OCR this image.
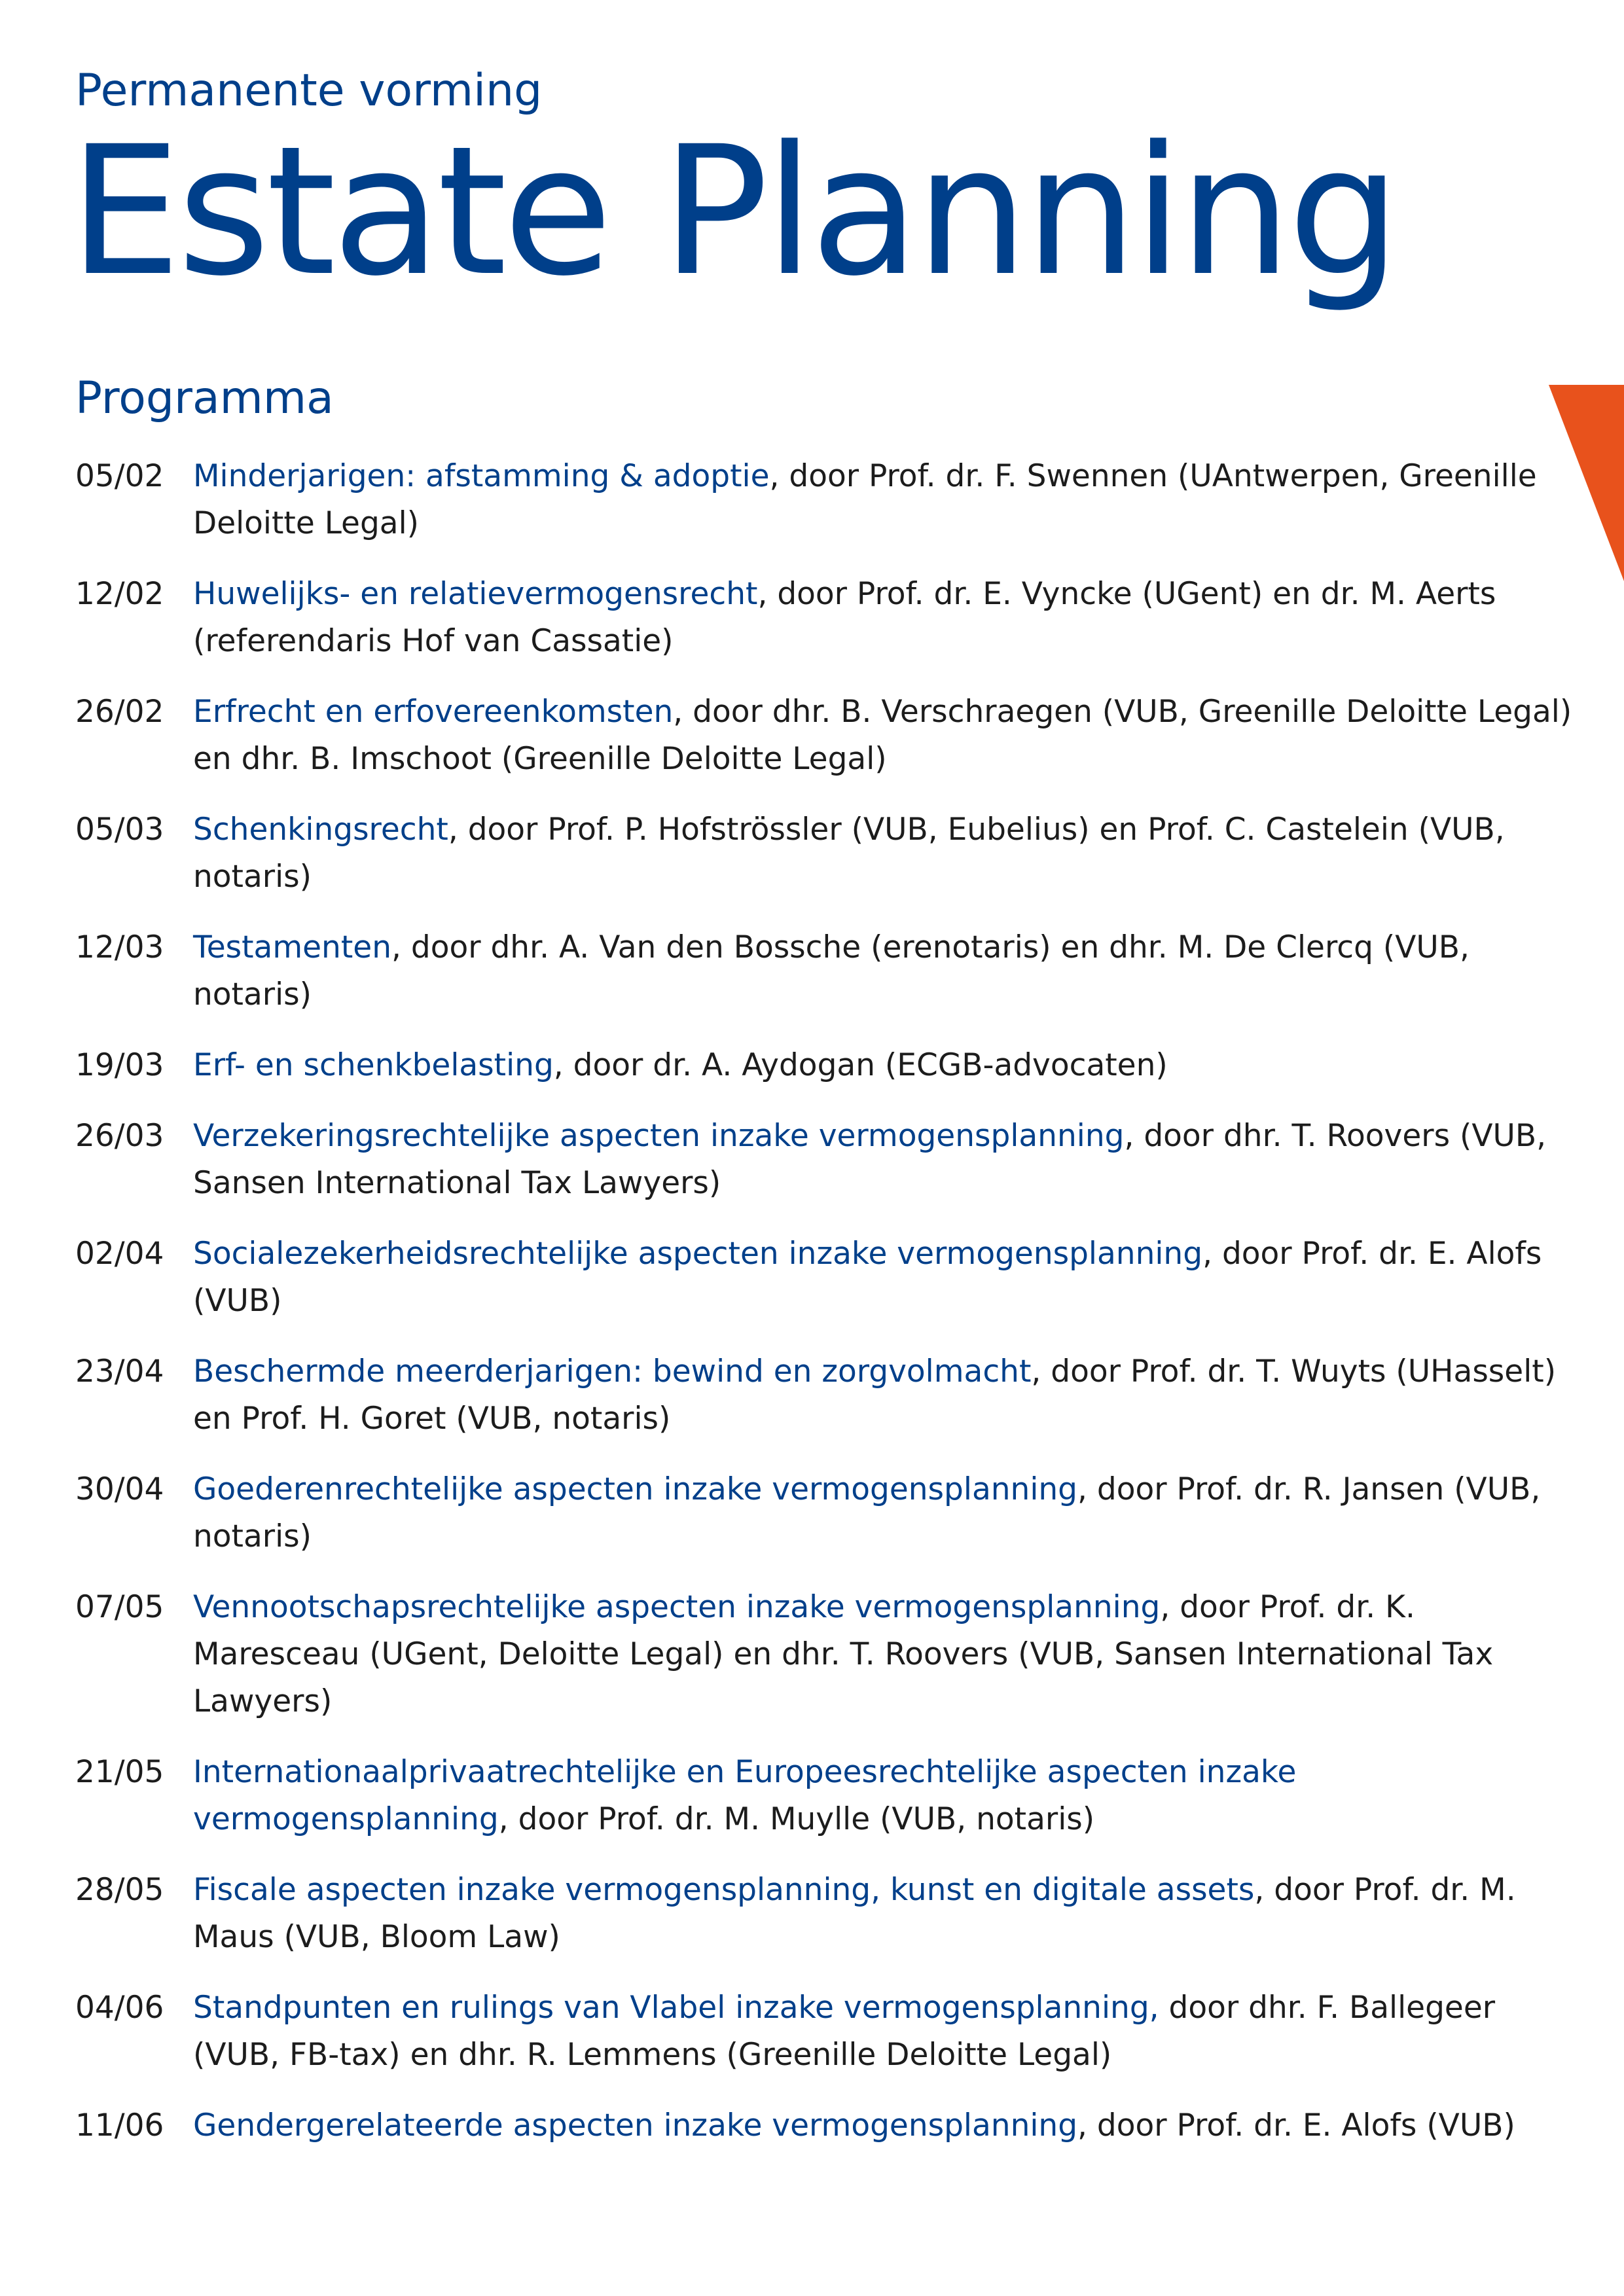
Permanente vorming
Estate Planning
Programma
05/02 Minderjarigen: afstamming & adoptie, door Prof. dr. F. Swennen (UAntwerpen, Greenille Deloitte Legal)
12/02 Huwelijks- en relatievermogensrecht, door Prof. dr. E. Vyncke (UGent) en dr. M. Aerts (referendaris Hof van Cassatie)
26/02 Erfrecht en erfovereenkomsten, door dhr. B. Verschraegen (VUB, Greenille Deloitte Legal) en dhr. B. Imschoot (Greenille Deloitte Legal)
05/03 Schenkingsrecht, door Prof. P. Hofströssler (VUB, Eubelius) en Prof. C. Castelein (VUB, notaris)
12/03 Testamenten, door dhr. A. Van den Bossche (erenotaris) en dhr. M. De Clercq (VUB, notaris)
19/03 Erf- en schenkbelasting, door dr. A. Aydogan (ECGB-advocaten)
26/03 Verzekeringsrechtelijke aspecten inzake vermogensplanning, door dhr. T. Roovers (VUB, Sansen International Tax Lawyers)
02/04 Socialezekerheidsrechtelijke aspecten inzake vermogensplanning, door Prof. dr. E. Alofs (VUB)
23/04 Beschermde meerderjarigen: bewind en zorgvolmacht, door Prof. dr. T. Wuyts (UHasselt) en Prof. H. Goret (VUB, notaris)
30/04 Goederenrechtelijke aspecten inzake vermogensplanning, door Prof. dr. R. Jansen (VUB, notaris)
07/05 Vennootschapsrechtelijke aspecten inzake vermogensplanning, door Prof. dr. K. Maresceau (UGent, Deloitte Legal) en dhr. T. Roovers (VUB, Sansen International Tax Lawyers)
21/05 Internationaalprivaatrechtelijke en Europeesrechtelijke aspecten inzake vermogensplanning, door Prof. dr. M. Muylle (VUB, notaris)
28/05 Fiscale aspecten inzake vermogensplanning, kunst en digitale assets, door Prof. dr. M. Maus (VUB, Bloom Law)
04/06 Standpunten en rulings van Vlabel inzake vermogensplanning, door dhr. F. Ballegeer (VUB, FB-tax) en dhr. R. Lemmens (Greenille Deloitte Legal)
11/06 Gendergerelateerde aspecten inzake vermogensplanning, door Prof. dr. E. Alofs (VUB)
